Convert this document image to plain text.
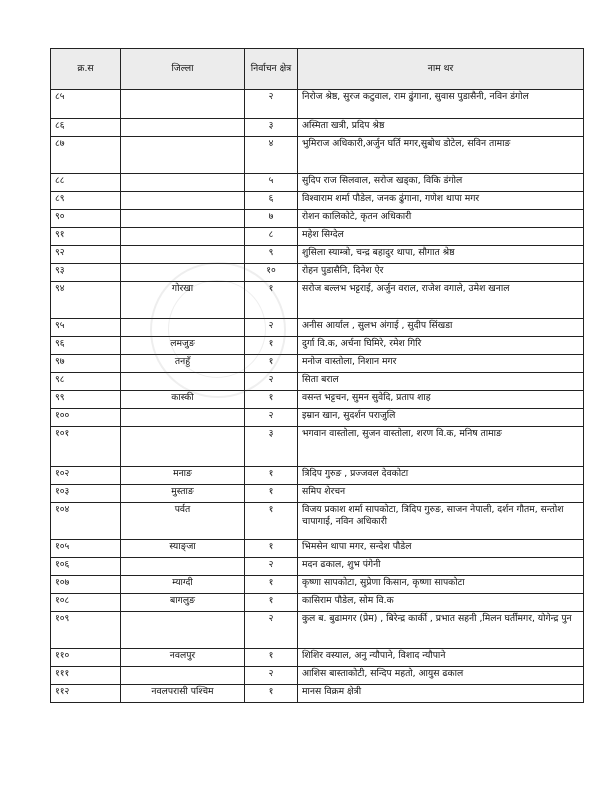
क्र.स	जिल्ला	निर्वाचन क्षेत्र	नाम थर
८५		२	निरोज श्रेष्ठ, सुरज कटुवाल, राम ढुंगाना, सुवास पुडासैनी, नविन डंगोल
८६		३	अस्मिता खत्री, प्रदिप श्रेष्ठ
८७		४	भुमिराज अधिकारी,अर्जुन घर्ति मगर,सुबोध डोटेल, सविन तामाङ
८८		५	सुदिप राज सिलवाल, सरोज खड्का, विकि डंगोल
८९		६	विश्वाराम शर्मा पौडेल, जनक ढुंगाना, गणेश थापा मगर
९०		७	रोशन कालिकोटे, कृतन अधिकारी
९१		८	महेश सिग्देल
९२		९	शुसिला स्याम्त्रो, चन्द्र बहादुर थापा, सौगात श्रेष्ठ
९३		१०	रोहन पुडासैनि, दिनेश ऐर
९४	गोरखा	१	सरोज बल्लभ भट्टराई, अर्जुन वराल, राजेश वगाले, उमेश खनाल
९५		२	अनीस आर्याल , सुलभ अंगाई , सुदीप सिंखडा
९६	लमजुङ	१	दुर्गा वि.क, अर्चना घिमिरे, रमेश गिरि
९७	तनहुँ	१	मनोज वास्तोला, निशान मगर
९८		२	सिता बराल
९९	कास्की	१	वसन्त भट्टचन, सुमन सुवेदि, प्रताप शाह
१००		२	इम्रान खान, सुदर्शन पराजुलि
१०१		३	भगवान वास्तोला, सुजन वास्तोला, शरण वि.क, मनिष तामाङ
१०२	मनाङ	१	त्रिदिप गुरुङ , प्रज्जवल देवकोटा
१०३	मुस्ताङ	१	समिप शेरचन
१०४	पर्वत	१	विजय प्रकाश शर्मा सापकोटा, त्रिदिप गुरुङ, साजन नेपाली, दर्शन गौतम, सन्तोश चापागाई, नविन अधिकारी
१०५	स्याङ्जा	१	भिमसेन थापा मगर, सन्देश पौडेल
१०६		२	मदन ढकाल, शुभ पंगेनी
१०७	म्याग्दी	१	कृष्णा सापकोटा, सुप्रेणा किसान, कृष्णा सापकोटा
१०८	बागलुङ	१	कासिराम पौडेल, सोम वि.क
१०९		२	कुल ब. बुढामगर (प्रेम) , बिरेन्द्र कार्की , प्रभात सहनी ,मिलन घर्तीमगर, योगेन्द्र पुन
११०	नवलपुर	१	शिशिर वस्याल, अनु न्यौपाने, विशाद न्यौपाने
१११		२	आशिस बास्ताकोटी, सन्दिप महतो, आयुस ढकाल
११२	नवलपरासी पश्चिम	१	मानस विक्रम क्षेत्री
